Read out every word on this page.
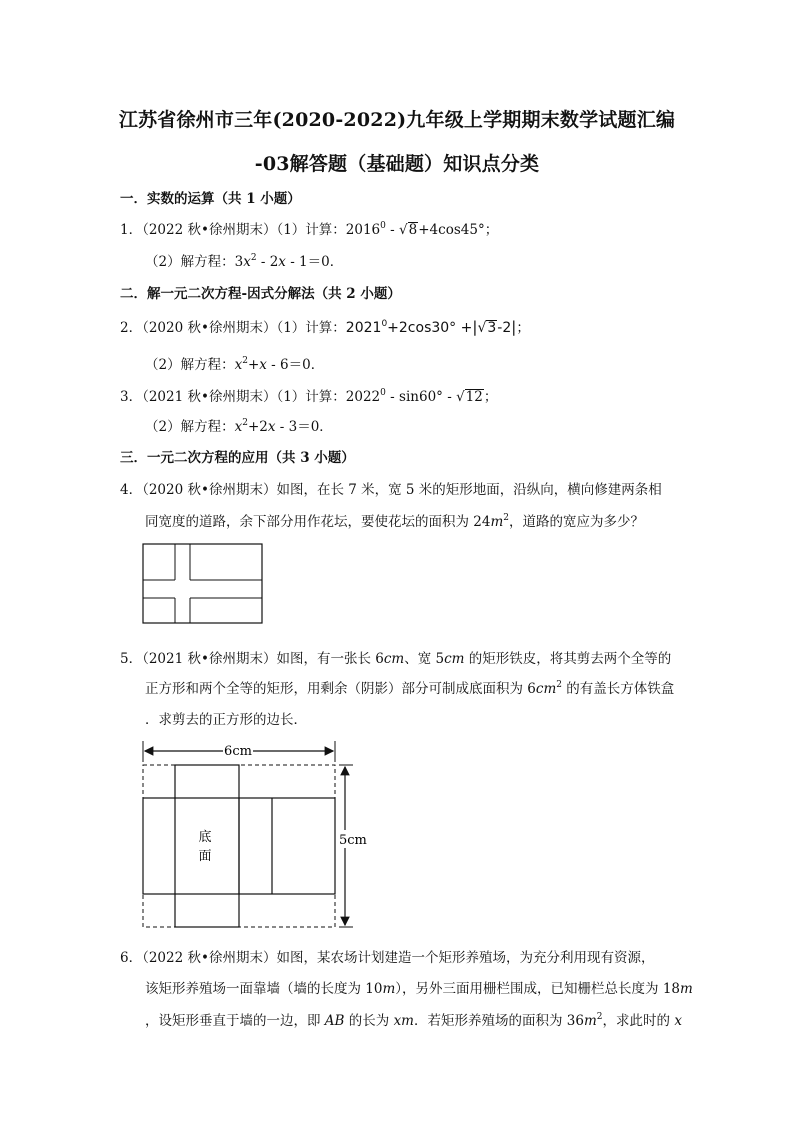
江苏省徐州市三年(2020-2022)九年级上学期期末数学试题汇编
-03解答题（基础题）知识点分类
一．实数的运算（共 1 小题）
1．（2022 秋•徐州期末）（1）计算：2016$^0$ - √8+4cos45°；
（2）解方程：$3x^2 - 2x - 1=0$．
二．解一元二次方程-因式分解法（共 2 小题）
2．（2020 秋•徐州期末）（1）计算：$2021^0+2\cos 30^\circ +|√3-2|$；
（2）解方程：$x^2+x - 6=0$．
3．（2021 秋•徐州期末）（1）计算：2022$^0$ - sin60° - √12；
（2）解方程：$x^2+2x - 3=0$．
三．一元二次方程的应用（共 3 小题）
4．（2020 秋•徐州期末）如图，在长 7 米，宽 5 米的矩形地面，沿纵向，横向修建两条相
同宽度的道路，余下部分用作花坛，要使花坛的面积为 $24m^2$，道路的宽应为多少？
5．（2021 秋•徐州期末）如图，有一张长 6cm、宽 5cm 的矩形铁皮，将其剪去两个全等的
正方形和两个全等的矩形，用剩余（阴影）部分可制成底面积为 $6cm^2$ 的有盖长方体铁盒
．求剪去的正方形的边长．
6cm
底
面
5cm
6．（2022 秋•徐州期末）如图，某农场计划建造一个矩形养殖场，为充分利用现有资源，
该矩形养殖场一面靠墙（墙的长度为 10m），另外三面用栅栏围成，已知栅栏总长度为 18m
，设矩形垂直于墙的一边，即 AB 的长为 xm．若矩形养殖场的面积为 $36m^2$，求此时的 x
